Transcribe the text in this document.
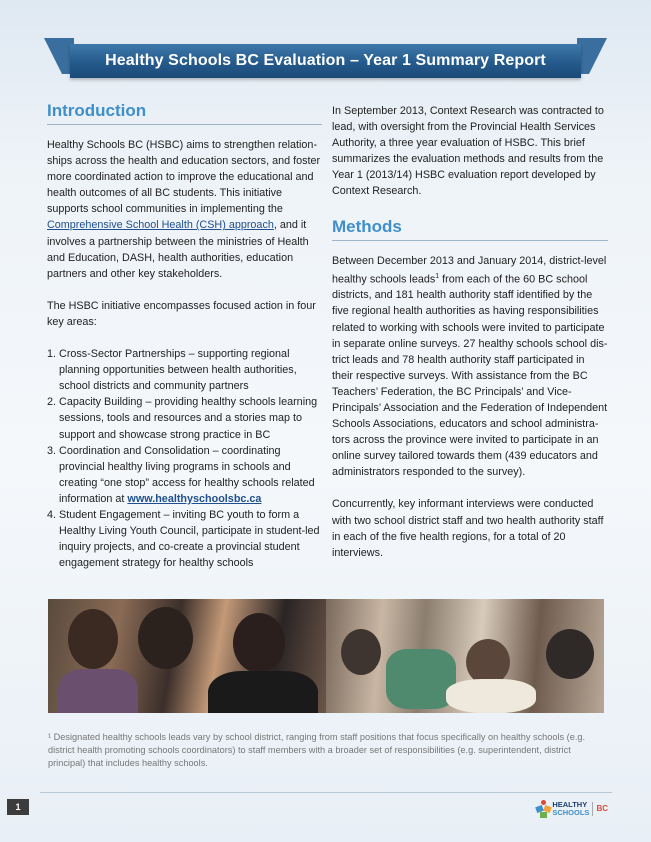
Healthy Schools BC Evaluation – Year 1 Summary Report
Introduction

Healthy Schools BC (HSBC) aims to strengthen relationships across the health and education sectors, and foster more coordinated action to improve the educational and health outcomes of all BC students. This initiative supports school communities in implementing the Comprehensive School Health (CSH) approach, and it involves a partnership between the ministries of Health and Education, DASH, health authorities, education partners and other key stakeholders.

The HSBC initiative encompasses focused action in four key areas:

1. Cross-Sector Partnerships – supporting regional planning opportunities between health authorities, school districts and community partners
2. Capacity Building – providing healthy schools learning sessions, tools and resources and a stories map to support and showcase strong practice in BC
3. Coordination and Consolidation – coordinating provincial healthy living programs in schools and creating “one stop” access for healthy schools related information at www.healthyschoolsbc.ca
4. Student Engagement – inviting BC youth to form a Healthy Living Youth Council, participate in student-led inquiry projects, and co-create a provincial student engagement strategy for healthy schools

In September 2013, Context Research was contracted to lead, with oversight from the Provincial Health Services Authority, a three year evaluation of HSBC. This brief summarizes the evaluation methods and results from the Year 1 (2013/14) HSBC evaluation report developed by Context Research.

Methods

Between December 2013 and January 2014, district-level healthy schools leads$^1$ from each of the 60 BC school districts, and 181 health authority staff identified by the five regional health authorities as having responsibilities related to working with schools were invited to participate in separate online surveys. 27 healthy schools school district leads and 78 health authority staff participated in their respective surveys. With assistance from the BC Teachers’ Federation, the BC Principals’ and Vice-Principals’ Association and the Federation of Independent Schools Associations, educators and school administrators across the province were invited to participate in an online survey tailored towards them (439 educators and administrators responded to the survey).

Concurrently, key informant interviews were conducted with two school district staff and two health authority staff in each of the five health regions, for a total of 20 interviews.

¹ Designated healthy schools leads vary by school district, ranging from staff positions that focus specifically on healthy schools (e.g. district health promoting schools coordinators) to staff members with a broader set of responsibilities (e.g. superintendent, district principal) that includes healthy schools.
1	HEALTHY
SCHOOLS BC
